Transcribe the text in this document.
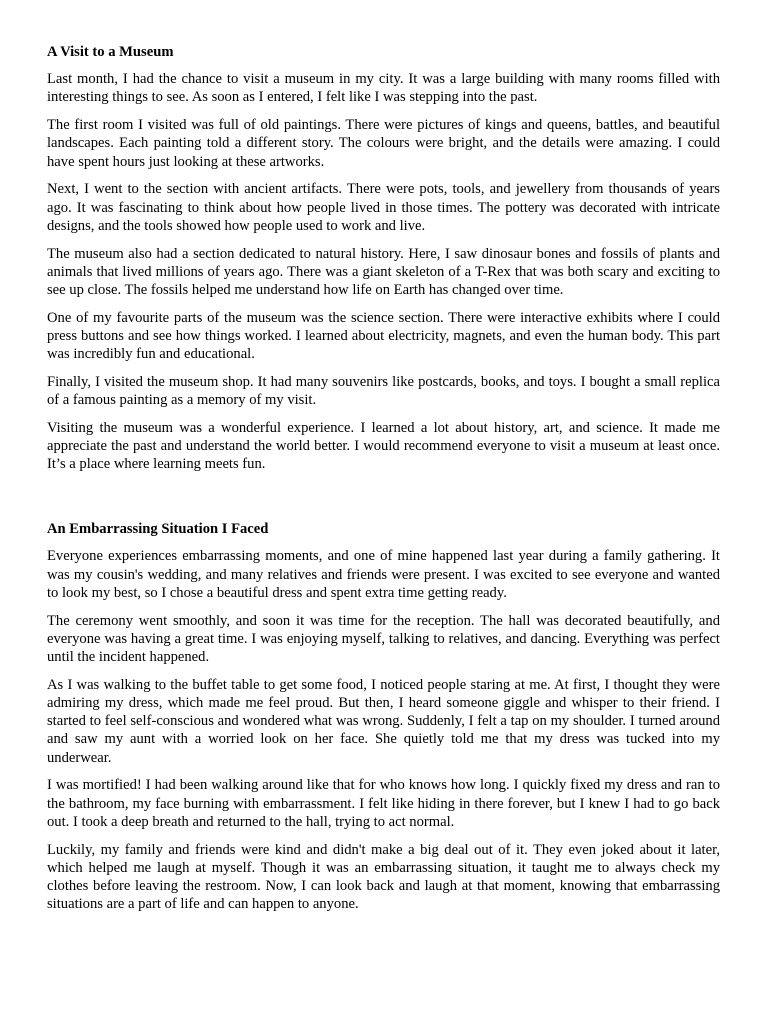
A Visit to a Museum

Last month, I had the chance to visit a museum in my city. It was a large building with many rooms filled with interesting things to see. As soon as I entered, I felt like I was stepping into the past.

The first room I visited was full of old paintings. There were pictures of kings and queens, battles, and beautiful landscapes. Each painting told a different story. The colours were bright, and the details were amazing. I could have spent hours just looking at these artworks.

Next, I went to the section with ancient artifacts. There were pots, tools, and jewellery from thousands of years ago. It was fascinating to think about how people lived in those times. The pottery was decorated with intricate designs, and the tools showed how people used to work and live.

The museum also had a section dedicated to natural history. Here, I saw dinosaur bones and fossils of plants and animals that lived millions of years ago. There was a giant skeleton of a T-Rex that was both scary and exciting to see up close. The fossils helped me understand how life on Earth has changed over time.

One of my favourite parts of the museum was the science section. There were interactive exhibits where I could press buttons and see how things worked. I learned about electricity, magnets, and even the human body. This part was incredibly fun and educational.

Finally, I visited the museum shop. It had many souvenirs like postcards, books, and toys. I bought a small replica of a famous painting as a memory of my visit.

Visiting the museum was a wonderful experience. I learned a lot about history, art, and science. It made me appreciate the past and understand the world better. I would recommend everyone to visit a museum at least once. It’s a place where learning meets fun.

An Embarrassing Situation I Faced

Everyone experiences embarrassing moments, and one of mine happened last year during a family gathering. It was my cousin's wedding, and many relatives and friends were present. I was excited to see everyone and wanted to look my best, so I chose a beautiful dress and spent extra time getting ready.

The ceremony went smoothly, and soon it was time for the reception. The hall was decorated beautifully, and everyone was having a great time. I was enjoying myself, talking to relatives, and dancing. Everything was perfect until the incident happened.

As I was walking to the buffet table to get some food, I noticed people staring at me. At first, I thought they were admiring my dress, which made me feel proud. But then, I heard someone giggle and whisper to their friend. I started to feel self-conscious and wondered what was wrong. Suddenly, I felt a tap on my shoulder. I turned around and saw my aunt with a worried look on her face. She quietly told me that my dress was tucked into my underwear.

I was mortified! I had been walking around like that for who knows how long. I quickly fixed my dress and ran to the bathroom, my face burning with embarrassment. I felt like hiding in there forever, but I knew I had to go back out. I took a deep breath and returned to the hall, trying to act normal.

Luckily, my family and friends were kind and didn't make a big deal out of it. They even joked about it later, which helped me laugh at myself. Though it was an embarrassing situation, it taught me to always check my clothes before leaving the restroom. Now, I can look back and laugh at that moment, knowing that embarrassing situations are a part of life and can happen to anyone.
